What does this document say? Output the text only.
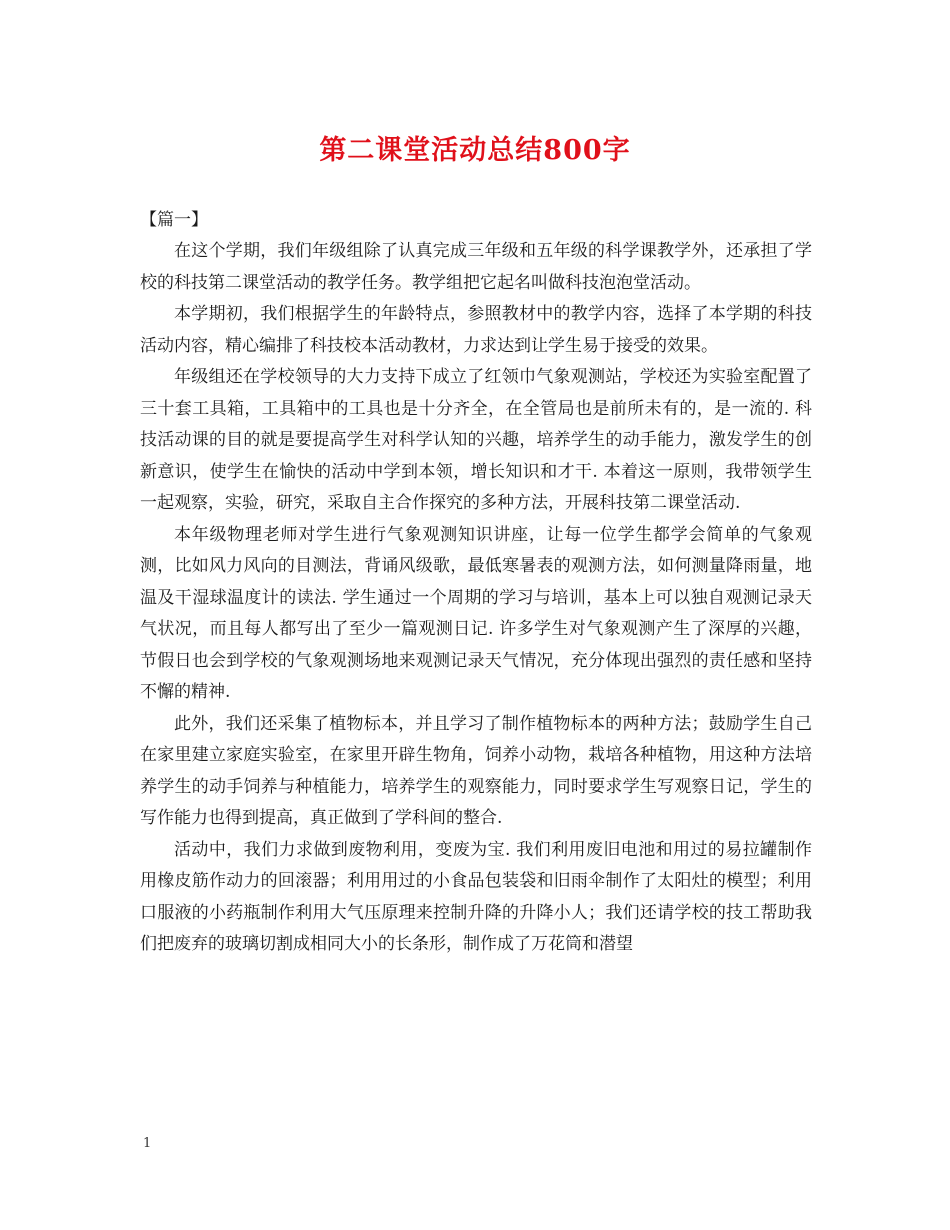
第二课堂活动总结800字

【篇一】

在这个学期，我们年级组除了认真完成三年级和五年级的科学课教学外，还承担了学校的科技第二课堂活动的教学任务。教学组把它起名叫做科技泡泡堂活动。

本学期初，我们根据学生的年龄特点，参照教材中的教学内容，选择了本学期的科技活动内容，精心编排了科技校本活动教材，力求达到让学生易于接受的效果。

年级组还在学校领导的大力支持下成立了红领巾气象观测站，学校还为实验室配置了三十套工具箱，工具箱中的工具也是十分齐全，在全管局也是前所未有的，是一流的. 科技活动课的目的就是要提高学生对科学认知的兴趣，培养学生的动手能力，激发学生的创新意识，使学生在愉快的活动中学到本领，增长知识和才干. 本着这一原则，我带领学生一起观察，实验，研究，采取自主合作探究的多种方法，开展科技第二课堂活动.

本年级物理老师对学生进行气象观测知识讲座，让每一位学生都学会简单的气象观测，比如风力风向的目测法，背诵风级歌，最低寒暑表的观测方法，如何测量降雨量，地温及干湿球温度计的读法. 学生通过一个周期的学习与培训，基本上可以独自观测记录天气状况，而且每人都写出了至少一篇观测日记. 许多学生对气象观测产生了深厚的兴趣，节假日也会到学校的气象观测场地来观测记录天气情况，充分体现出强烈的责任感和坚持不懈的精神.

此外，我们还采集了植物标本，并且学习了制作植物标本的两种方法；鼓励学生自己在家里建立家庭实验室，在家里开辟生物角，饲养小动物，栽培各种植物，用这种方法培养学生的动手饲养与种植能力，培养学生的观察能力，同时要求学生写观察日记，学生的写作能力也得到提高，真正做到了学科间的整合.

活动中，我们力求做到废物利用，变废为宝. 我们利用废旧电池和用过的易拉罐制作用橡皮筋作动力的回滚器；利用用过的小食品包装袋和旧雨伞制作了太阳灶的模型；利用口服液的小药瓶制作利用大气压原理来控制升降的升降小人；我们还请学校的技工帮助我们把废弃的玻璃切割成相同大小的长条形，制作成了万花筒和潜望

1
